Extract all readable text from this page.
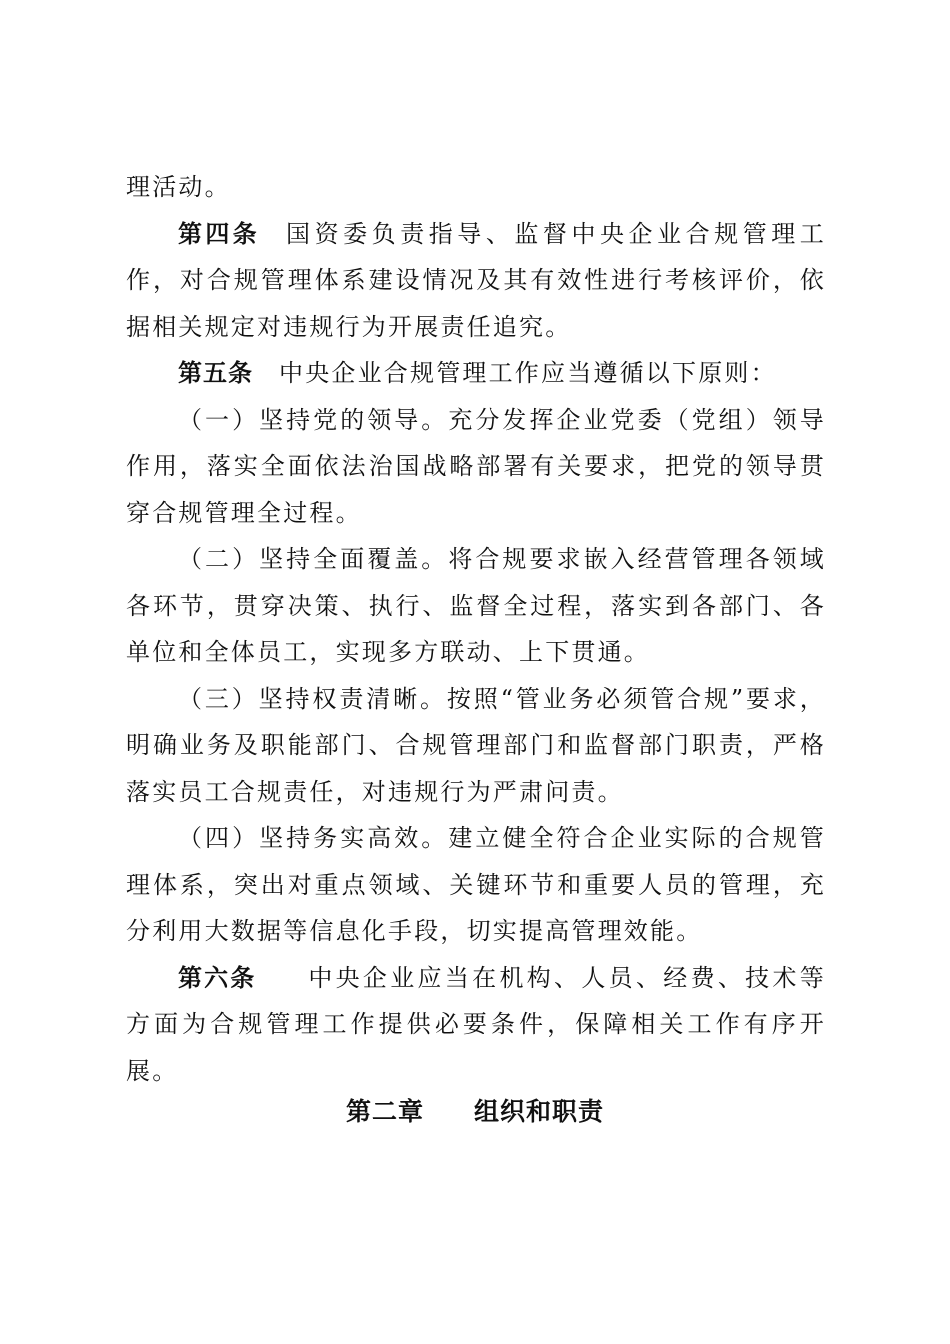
理活动。

第四条 国资委负责指导、监督中央企业合规管理工作，对合规管理体系建设情况及其有效性进行考核评价，依据相关规定对违规行为开展责任追究。

第五条 中央企业合规管理工作应当遵循以下原则：

（一）坚持党的领导。充分发挥企业党委（党组）领导作用，落实全面依法治国战略部署有关要求，把党的领导贯穿合规管理全过程。

（二）坚持全面覆盖。将合规要求嵌入经营管理各领域各环节，贯穿决策、执行、监督全过程，落实到各部门、各单位和全体员工，实现多方联动、上下贯通。

（三）坚持权责清晰。按照“管业务必须管合规”要求，明确业务及职能部门、合规管理部门和监督部门职责，严格落实员工合规责任，对违规行为严肃问责。

（四）坚持务实高效。建立健全符合企业实际的合规管理体系，突出对重点领域、关键环节和重要人员的管理，充分利用大数据等信息化手段，切实提高管理效能。

第六条 中央企业应当在机构、人员、经费、技术等方面为合规管理工作提供必要条件，保障相关工作有序开展。

第二章 组织和职责
